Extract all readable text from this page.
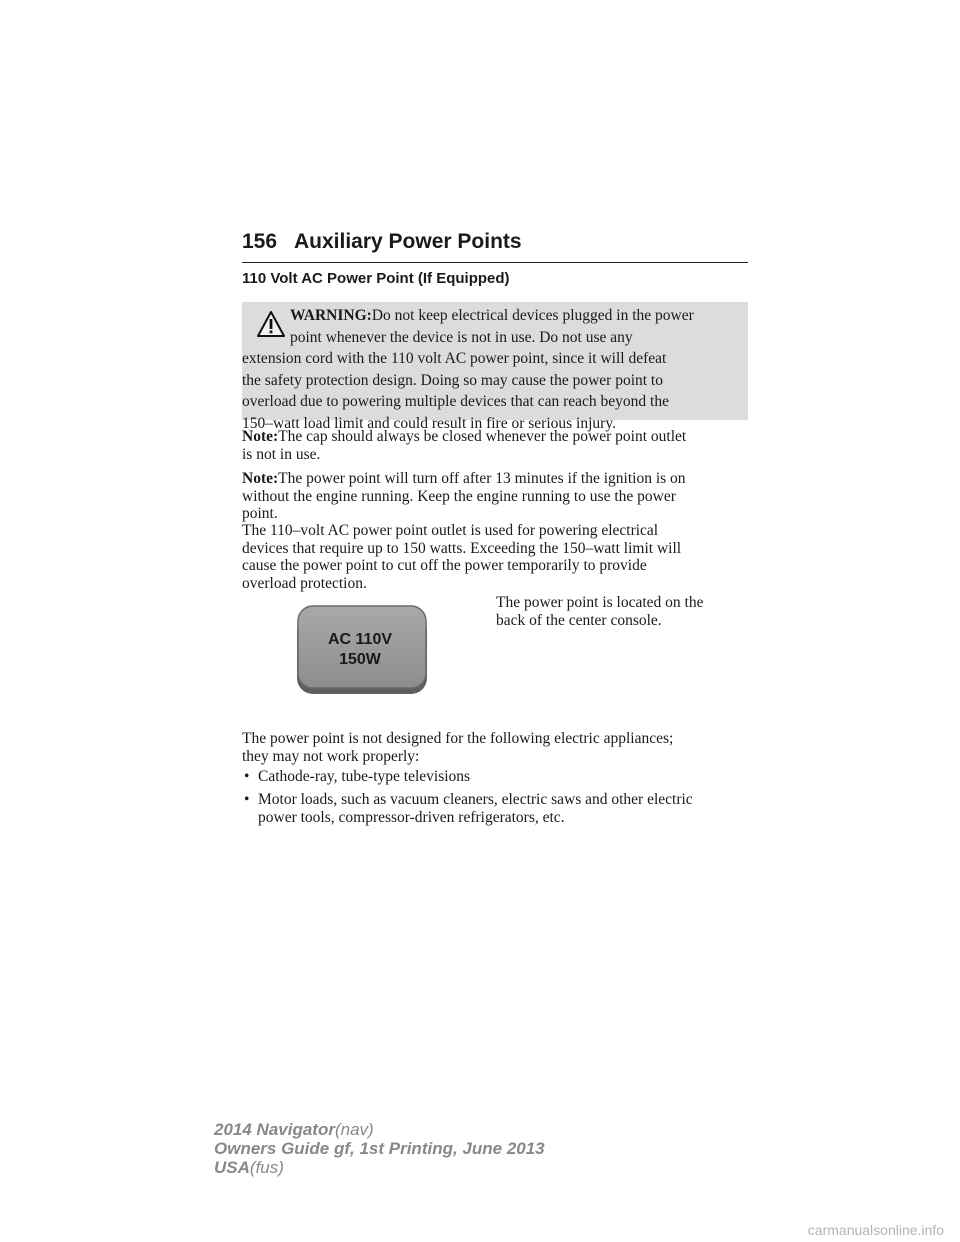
156 Auxiliary Power Points
110 Volt AC Power Point (If Equipped)
WARNING:Do not keep electrical devices plugged in the power
point whenever the device is not in use. Do not use any
extension cord with the 110 volt AC power point, since it will defeat
the safety protection design. Doing so may cause the power point to
overload due to powering multiple devices that can reach beyond the
150–watt load limit and could result in fire or serious injury.
Note:The cap should always be closed whenever the power point outlet
is not in use.
Note:The power point will turn off after 13 minutes if the ignition is on
without the engine running. Keep the engine running to use the power
point.
The 110–volt AC power point outlet is used for powering electrical
devices that require up to 150 watts. Exceeding the 150–watt limit will
cause the power point to cut off the power temporarily to provide
overload protection.
AC 110V
150W
The power point is located on the
back of the center console.
The power point is not designed for the following electric appliances;
they may not work properly:
• Cathode-ray, tube-type televisions
• Motor loads, such as vacuum cleaners, electric saws and other electric
power tools, compressor-driven refrigerators, etc.
2014 Navigator(nav)
Owners Guide gf, 1st Printing, June 2013
USA(fus)
carmanualsonline.info
